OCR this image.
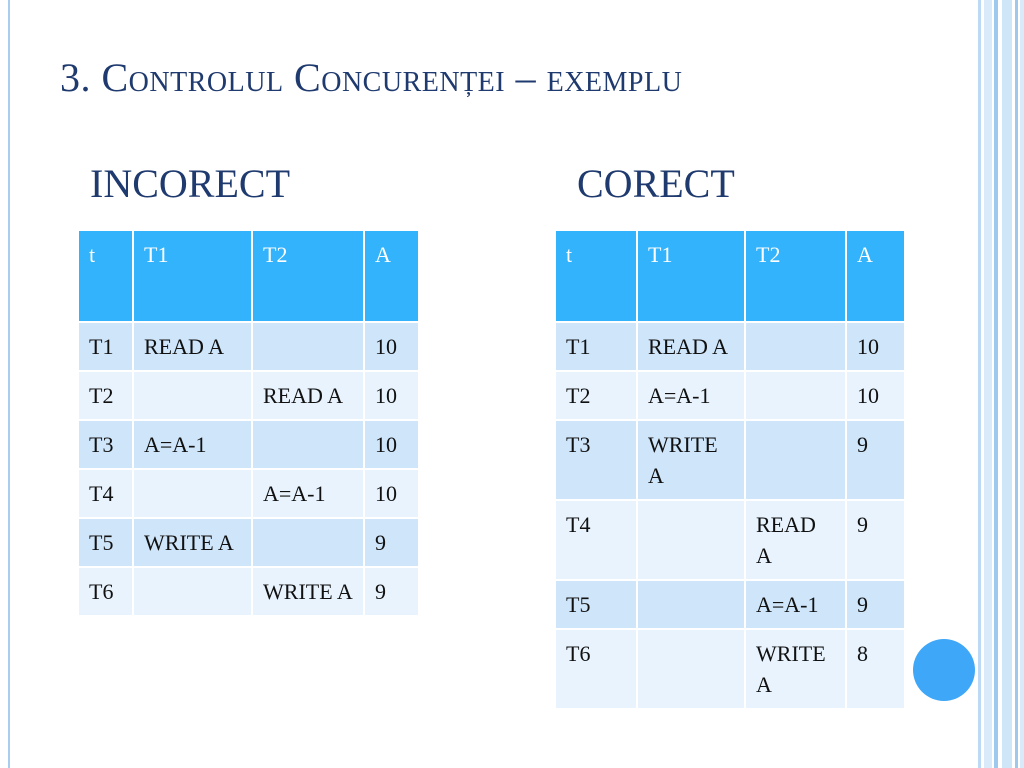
3. Controlul Concurenței – exemplu
INCORECT	CORECT
t	T1	T2	A
T1	READ A		10
T2		READ A	10
T3	A=A-1		10
T4		A=A-1	10
T5	WRITE A		9
T6		WRITE A	9
t	T1	T2	A
T1	READ A		10
T2	A=A-1		10
T3	WRITE A		9
T4		READ A	9
T5		A=A-1	9
T6		WRITE A	8
